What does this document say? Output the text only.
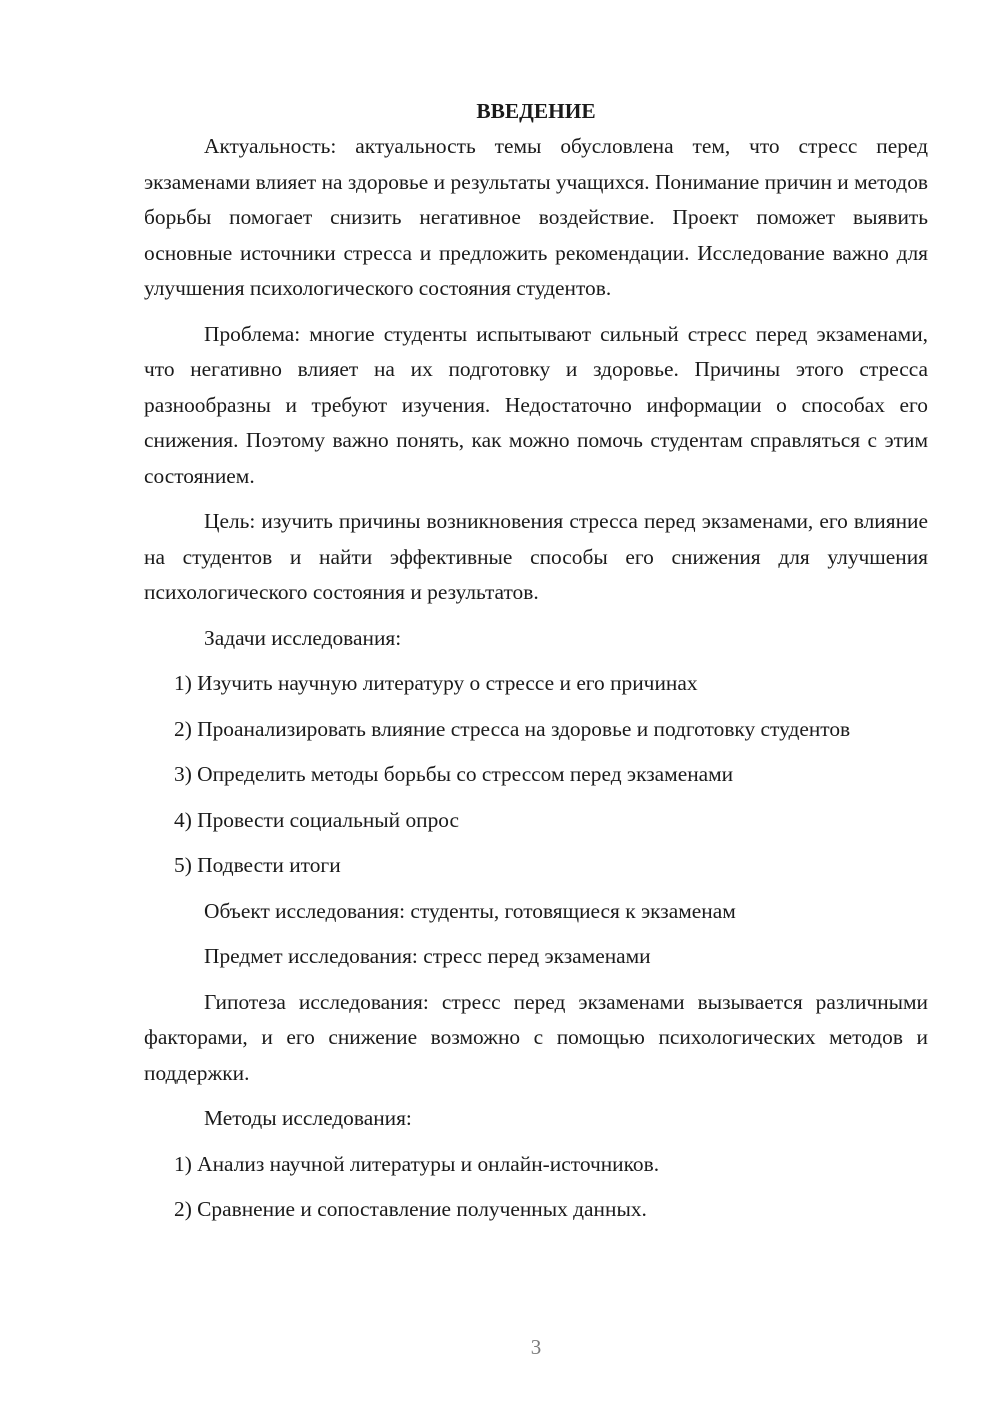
ВВЕДЕНИЕ

Актуальность: актуальность темы обусловлена тем, что стресс перед экзаменами влияет на здоровье и результаты учащихся. Понимание причин и методов борьбы помогает снизить негативное воздействие. Проект поможет выявить основные источники стресса и предложить рекомендации. Исследование важно для улучшения психологического состояния студентов.

Проблема: многие студенты испытывают сильный стресс перед экзаменами, что негативно влияет на их подготовку и здоровье. Причины этого стресса разнообразны и требуют изучения. Недостаточно информации о способах его снижения. Поэтому важно понять, как можно помочь студентам справляться с этим состоянием.

Цель: изучить причины возникновения стресса перед экзаменами, его влияние на студентов и найти эффективные способы его снижения для улучшения психологического состояния и результатов.

Задачи исследования:

1) Изучить научную литературу о стрессе и его причинах

2) Проанализировать влияние стресса на здоровье и подготовку студентов

3) Определить методы борьбы со стрессом перед экзаменами

4) Провести социальный опрос

5) Подвести итоги

Объект исследования: студенты, готовящиеся к экзаменам

Предмет исследования: стресс перед экзаменами

Гипотеза исследования: стресс перед экзаменами вызывается различными факторами, и его снижение возможно с помощью психологических методов и поддержки.

Методы исследования:

1) Анализ научной литературы и онлайн-источников.

2) Сравнение и сопоставление полученных данных.

3
